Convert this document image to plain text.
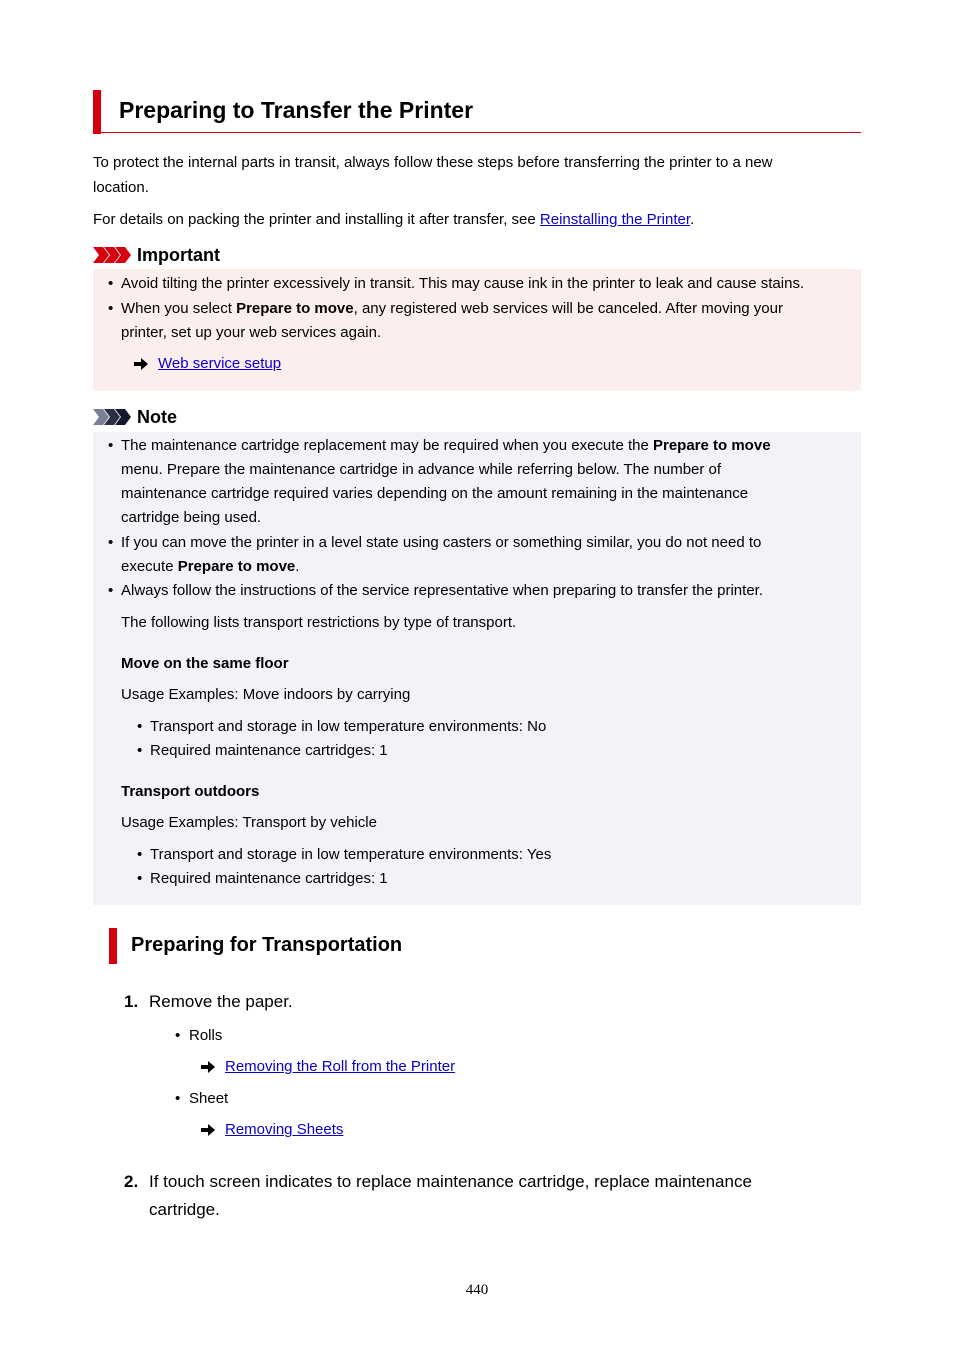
Preparing to Transfer the Printer
To protect the internal parts in transit, always follow these steps before transferring the printer to a new
location.
For details on packing the printer and installing it after transfer, see Reinstalling the Printer.
Important
• Avoid tilting the printer excessively in transit. This may cause ink in the printer to leak and cause stains.
• When you select Prepare to move, any registered web services will be canceled. After moving your
printer, set up your web services again.
Web service setup
Note
• The maintenance cartridge replacement may be required when you execute the Prepare to move
menu. Prepare the maintenance cartridge in advance while referring below. The number of
maintenance cartridge required varies depending on the amount remaining in the maintenance
cartridge being used.
• If you can move the printer in a level state using casters or something similar, you do not need to
execute Prepare to move.
• Always follow the instructions of the service representative when preparing to transfer the printer.
The following lists transport restrictions by type of transport.
Move on the same floor
Usage Examples: Move indoors by carrying
• Transport and storage in low temperature environments: No
• Required maintenance cartridges: 1
Transport outdoors
Usage Examples: Transport by vehicle
• Transport and storage in low temperature environments: Yes
• Required maintenance cartridges: 1
Preparing for Transportation
1. Remove the paper.
• Rolls
Removing the Roll from the Printer
• Sheet
Removing Sheets
2. If touch screen indicates to replace maintenance cartridge, replace maintenance
cartridge.
440
